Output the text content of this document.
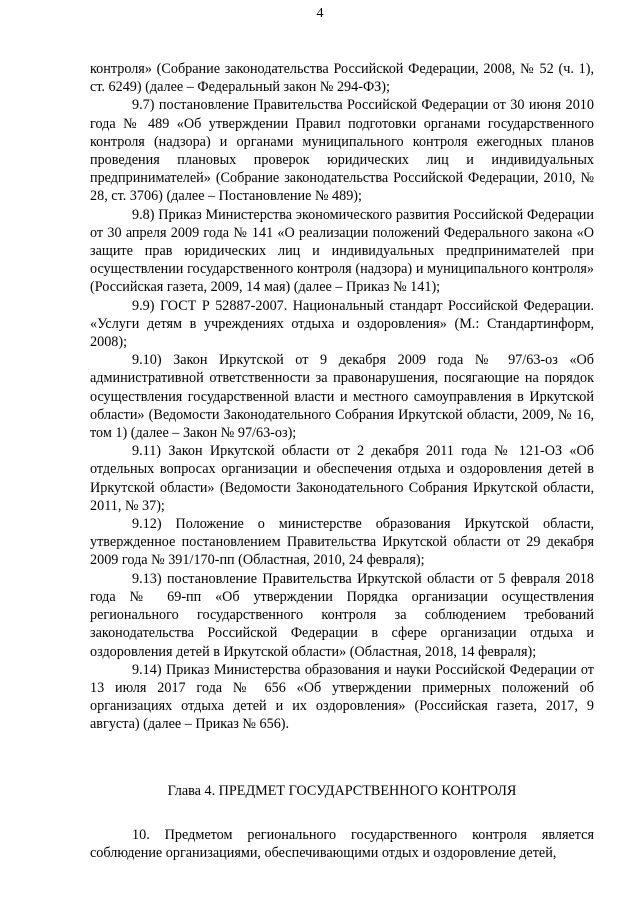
4

контроля» (Собрание законодательства Российской Федерации, 2008, № 52 (ч. 1), ст. 6249) (далее – Федеральный закон № 294-ФЗ);

9.7) постановление Правительства Российской Федерации от 30 июня 2010 года № 489 «Об утверждении Правил подготовки органами государственного контроля (надзора) и органами муниципального контроля ежегодных планов проведения плановых проверок юридических лиц и индивидуальных предпринимателей» (Собрание законодательства Российской Федерации, 2010, № 28, ст. 3706) (далее – Постановление № 489);

9.8) Приказ Министерства экономического развития Российской Федерации от 30 апреля 2009 года № 141 «О реализации положений Федерального закона «О защите прав юридических лиц и индивидуальных предпринимателей при осуществлении государственного контроля (надзора) и муниципального контроля» (Российская газета, 2009, 14 мая) (далее – Приказ № 141);

9.9) ГОСТ Р 52887-2007. Национальный стандарт Российской Федерации. «Услуги детям в учреждениях отдыха и оздоровления» (М.: Стандартинформ, 2008);

9.10) Закон Иркутской от 9 декабря 2009 года № 97/63-оз «Об административной ответственности за правонарушения, посягающие на порядок осуществления государственной власти и местного самоуправления в Иркутской области» (Ведомости Законодательного Собрания Иркутской области, 2009, № 16, том 1) (далее – Закон № 97/63-оз);

9.11) Закон Иркутской области от 2 декабря 2011 года № 121-ОЗ «Об отдельных вопросах организации и обеспечения отдыха и оздоровления детей в Иркутской области» (Ведомости Законодательного Собрания Иркутской области, 2011, № 37);

9.12) Положение о министерстве образования Иркутской области, утвержденное постановлением Правительства Иркутской области от 29 декабря 2009 года № 391/170-пп (Областная, 2010, 24 февраля);

9.13) постановление Правительства Иркутской области от 5 февраля 2018 года № 69-пп «Об утверждении Порядка организации осуществления регионального государственного контроля за соблюдением требований законодательства Российской Федерации в сфере организации отдыха и оздоровления детей в Иркутской области» (Областная, 2018, 14 февраля);

9.14) Приказ Министерства образования и науки Российской Федерации от 13 июля 2017 года № 656 «Об утверждении примерных положений об организациях отдыха детей и их оздоровления» (Российская газета, 2017, 9 августа) (далее – Приказ № 656).

Глава 4. ПРЕДМЕТ ГОСУДАРСТВЕННОГО КОНТРОЛЯ

10. Предметом регионального государственного контроля является соблюдение организациями, обеспечивающими отдых и оздоровление детей,
